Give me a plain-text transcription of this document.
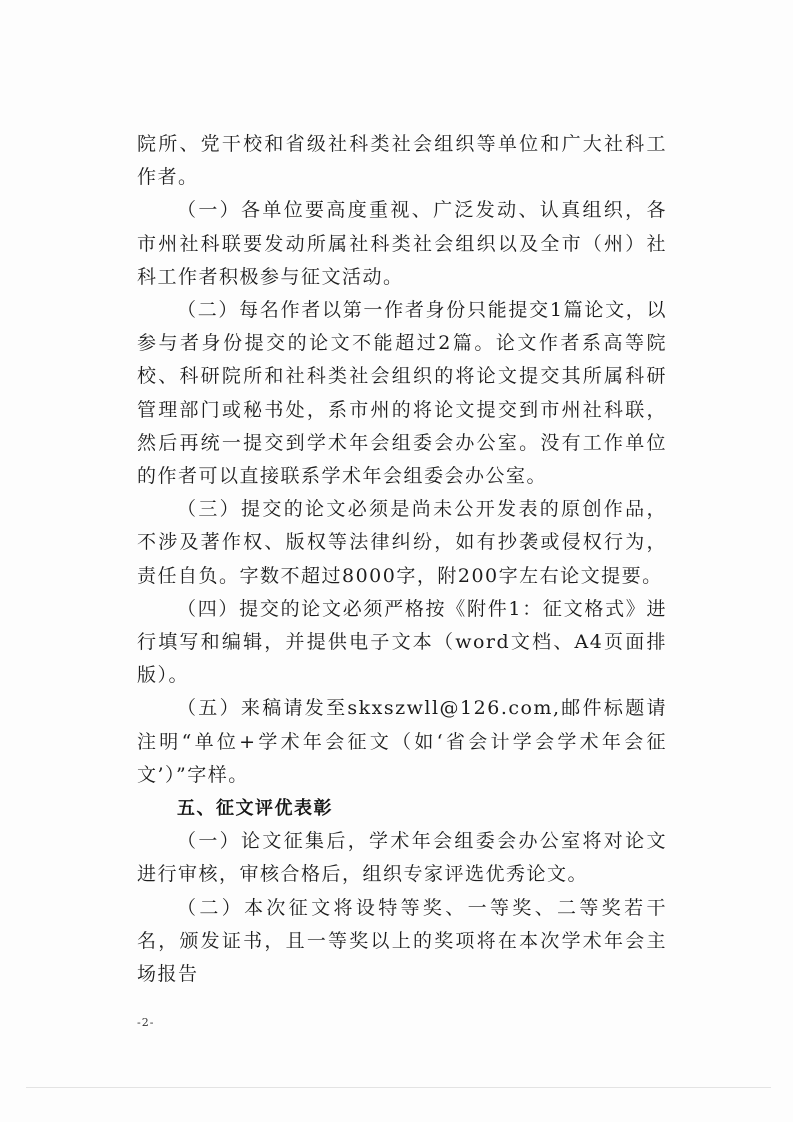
院所、党干校和省级社科类社会组织等单位和广大社科工作者。

（一）各单位要高度重视、广泛发动、认真组织，各市州社科联要发动所属社科类社会组织以及全市（州）社科工作者积极参与征文活动。

（二）每名作者以第一作者身份只能提交1篇论文，以参与者身份提交的论文不能超过2篇。论文作者系高等院校、科研院所和社科类社会组织的将论文提交其所属科研管理部门或秘书处，系市州的将论文提交到市州社科联，然后再统一提交到学术年会组委会办公室。没有工作单位的作者可以直接联系学术年会组委会办公室。

（三）提交的论文必须是尚未公开发表的原创作品，不涉及著作权、版权等法律纠纷，如有抄袭或侵权行为，责任自负。字数不超过8000字，附200字左右论文提要。

（四）提交的论文必须严格按《附件1：征文格式》进行填写和编辑，并提供电子文本（word文档、A4页面排版）。

（五）来稿请发至skxszwll@126.com,邮件标题请注明“单位+学术年会征文（如‘省会计学会学术年会征文’）”字样。

五、征文评优表彰

（一）论文征集后，学术年会组委会办公室将对论文进行审核，审核合格后，组织专家评选优秀论文。

（二）本次征文将设特等奖、一等奖、二等奖若干名，颁发证书，且一等奖以上的奖项将在本次学术年会主场报告

-2-
